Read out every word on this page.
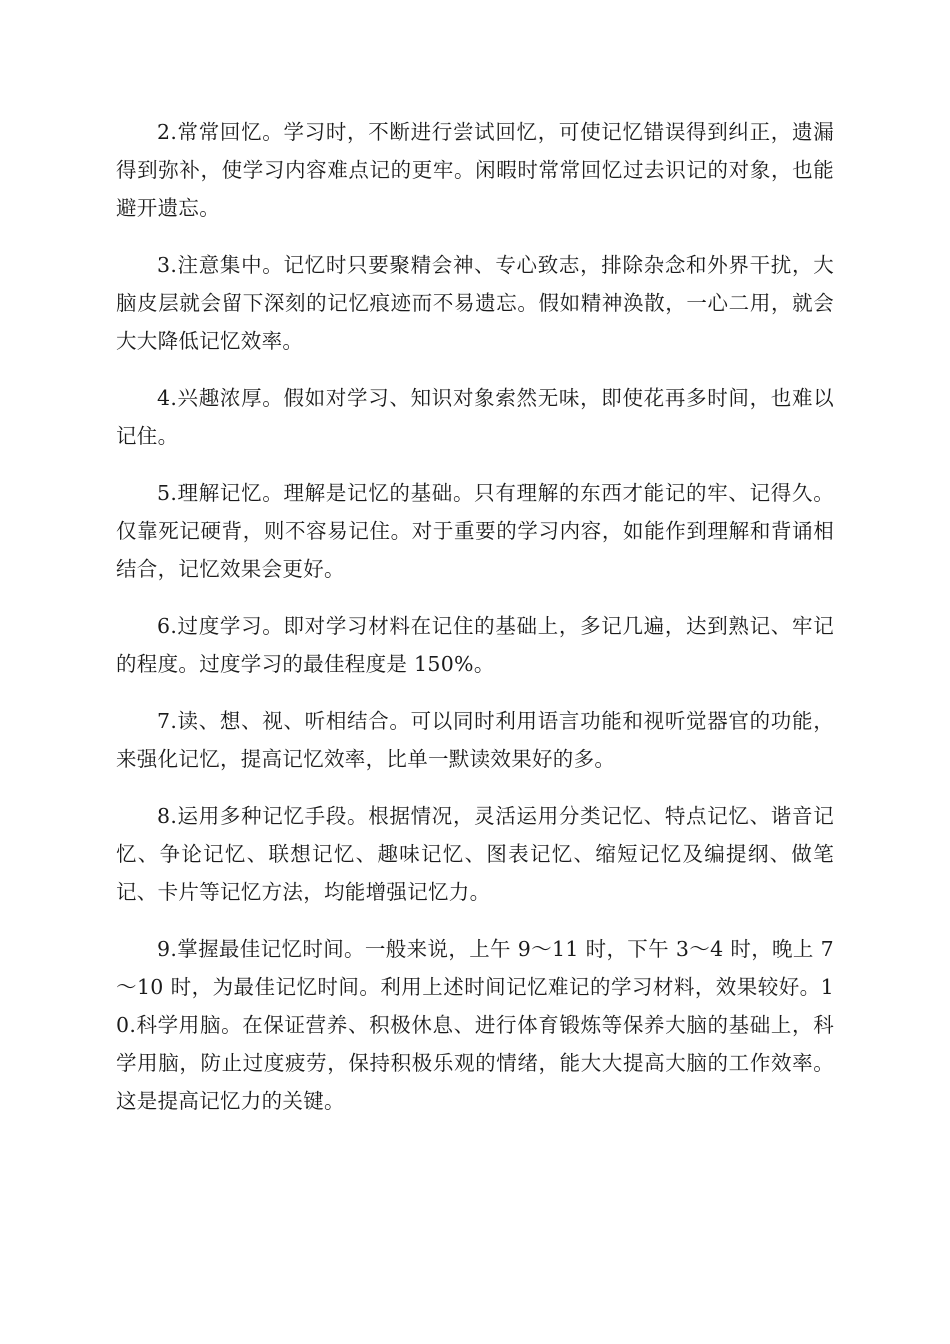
2.常常回忆。学习时，不断进行尝试回忆，可使记忆错误得到纠正，遗漏得到弥补，使学习内容难点记的更牢。闲暇时常常回忆过去识记的对象，也能避开遗忘。

3.注意集中。记忆时只要聚精会神、专心致志，排除杂念和外界干扰，大脑皮层就会留下深刻的记忆痕迹而不易遗忘。假如精神涣散，一心二用，就会大大降低记忆效率。

4.兴趣浓厚。假如对学习、知识对象索然无味，即使花再多时间，也难以记住。

5.理解记忆。理解是记忆的基础。只有理解的东西才能记的牢、记得久。仅靠死记硬背，则不容易记住。对于重要的学习内容，如能作到理解和背诵相结合，记忆效果会更好。

6.过度学习。即对学习材料在记住的基础上，多记几遍，达到熟记、牢记的程度。过度学习的最佳程度是 150%。

7.读、想、视、听相结合。可以同时利用语言功能和视听觉器官的功能，来强化记忆，提高记忆效率，比单一默读效果好的多。

8.运用多种记忆手段。根据情况，灵活运用分类记忆、特点记忆、谐音记忆、争论记忆、联想记忆、趣味记忆、图表记忆、缩短记忆及编提纲、做笔记、卡片等记忆方法，均能增强记忆力。

9.掌握最佳记忆时间。一般来说，上午 9～11 时，下午 3～4 时，晚上 7～10 时，为最佳记忆时间。利用上述时间记忆难记的学习材料，效果较好。10.科学用脑。在保证营养、积极休息、进行体育锻炼等保养大脑的基础上，科学用脑，防止过度疲劳，保持积极乐观的情绪，能大大提高大脑的工作效率。这是提高记忆力的关键。
